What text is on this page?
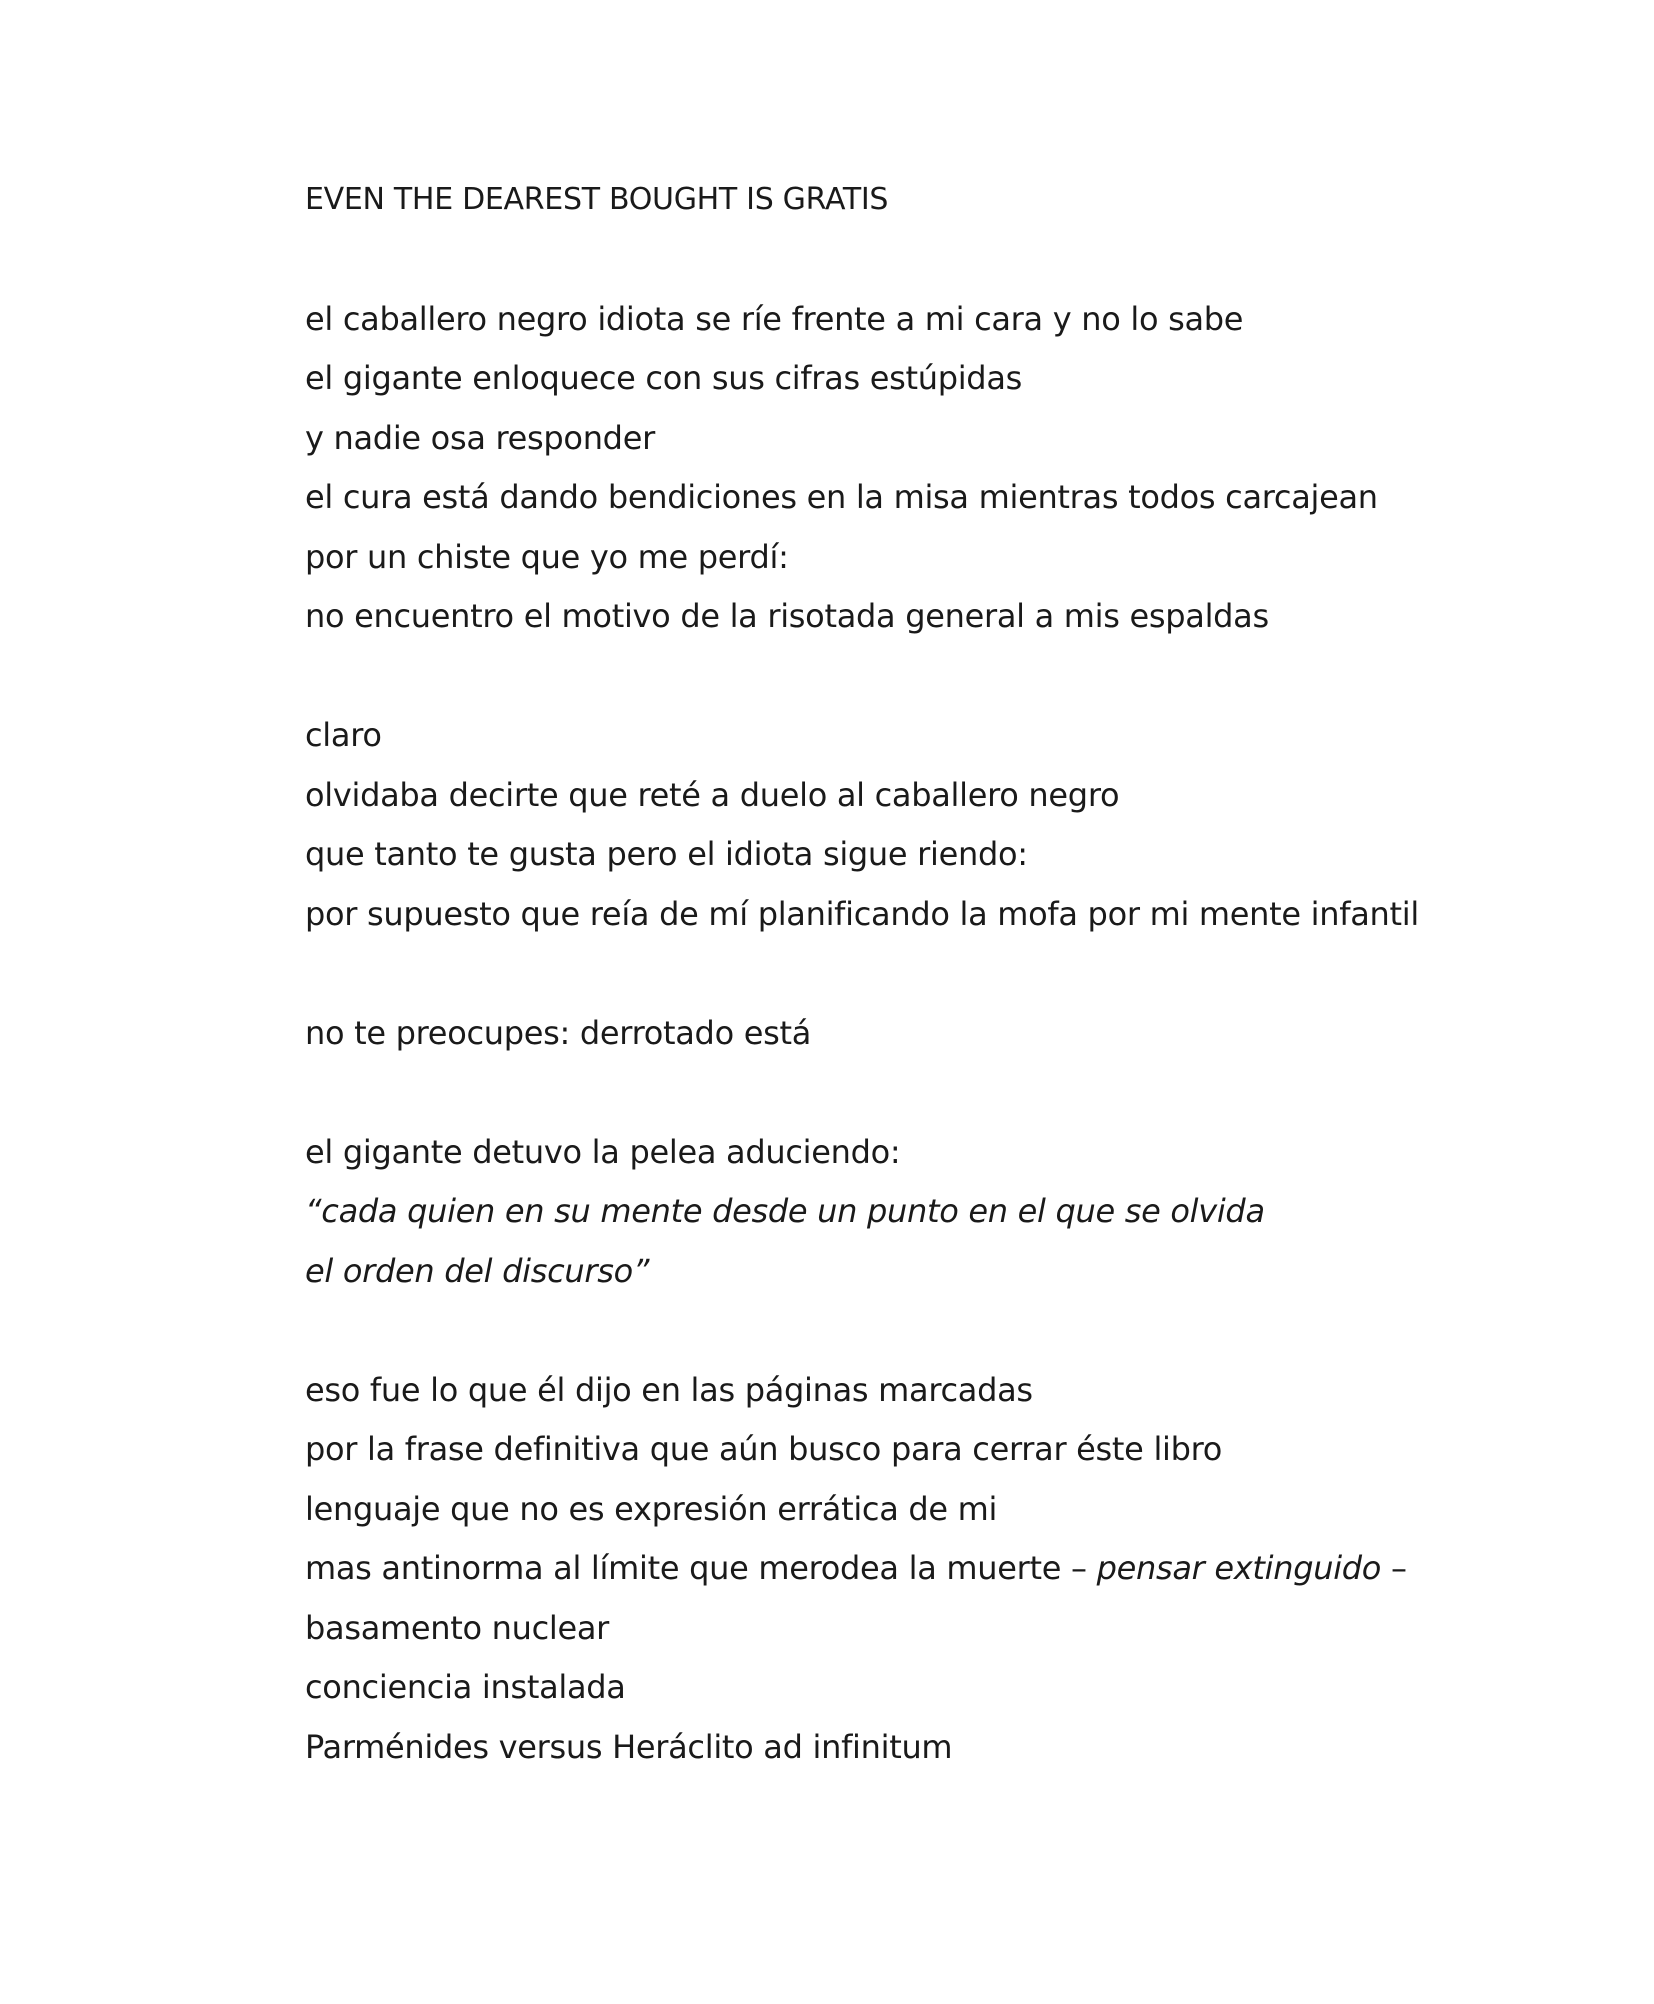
EVEN THE DEAREST BOUGHT IS GRATIS
el caballero negro idiota se ríe frente a mi cara y no lo sabe
el gigante enloquece con sus cifras estúpidas
y nadie osa responder
el cura está dando bendiciones en la misa mientras todos carcajean
por un chiste que yo me perdí:
no encuentro el motivo de la risotada general a mis espaldas
claro
olvidaba decirte que reté a duelo al caballero negro
que tanto te gusta pero el idiota sigue riendo:
por supuesto que reía de mí planificando la mofa por mi mente infantil
no te preocupes: derrotado está
el gigante detuvo la pelea aduciendo:
“cada quien en su mente desde un punto en el que se olvida
el orden del discurso”
eso fue lo que él dijo en las páginas marcadas
por la frase definitiva que aún busco para cerrar éste libro
lenguaje que no es expresión errática de mi
mas antinorma al límite que merodea la muerte – pensar extinguido –
basamento nuclear
conciencia instalada
Parménides versus Heráclito ad infinitum
